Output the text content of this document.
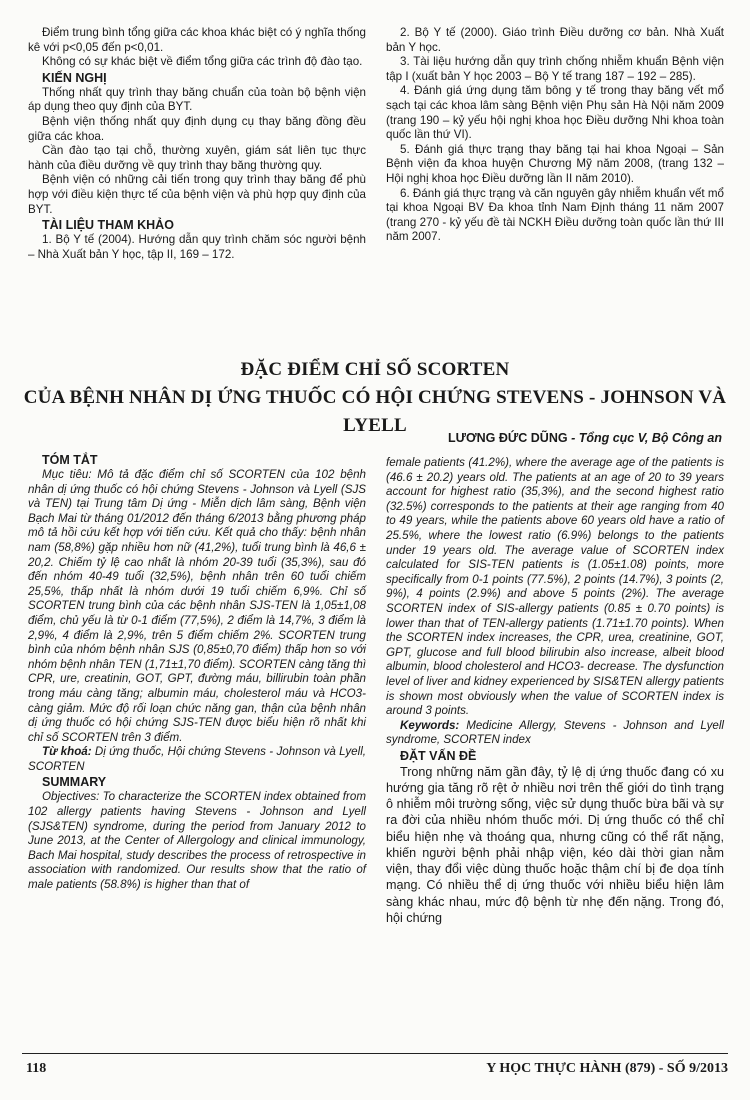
Điểm trung bình tổng giữa các khoa khác biệt có ý nghĩa thống kê với p<0,05 đến p<0,01.

Không có sự khác biệt về điểm tổng giữa các trình độ đào tạo.

KIẾN NGHỊ

Thống nhất quy trình thay băng chuẩn của toàn bộ bệnh viện áp dụng theo quy định của BYT.

Bệnh viện thống nhất quy định dụng cụ thay băng đồng đều giữa các khoa.

Cần đào tạo tại chỗ, thường xuyên, giám sát liên tục thực hành của điều dưỡng về quy trình thay băng thường quy.

Bệnh viện có những cải tiến trong quy trình thay băng để phù hợp với điều kiện thực tế của bệnh viện và phù hợp quy định của BYT.

TÀI LIỆU THAM KHẢO

1. Bộ Y tế (2004). Hướng dẫn quy trình chăm sóc người bệnh – Nhà Xuất bản Y học, tập II, 169 – 172.

2. Bộ Y tế (2000). Giáo trình Điều dưỡng cơ bản. Nhà Xuất bản Y học.

3. Tài liệu hướng dẫn quy trình chống nhiễm khuẩn Bệnh viện tập I (xuất bản Y học 2003 – Bộ Y tế trang 187 – 192 – 285).

4. Đánh giá ứng dụng tăm bông y tế trong thay băng vết mổ sạch tại các khoa lâm sàng Bệnh viện Phụ sản Hà Nội năm 2009 (trang 190 – kỷ yếu hội nghị khoa học Điều dưỡng Nhi khoa toàn quốc lần thứ VI).

5. Đánh giá thực trạng thay băng tại hai khoa Ngoại – Sản Bệnh viện đa khoa huyện Chương Mỹ năm 2008, (trang 132 – Hội nghị khoa học Điều dưỡng lần II năm 2010).

6. Đánh giá thực trạng và căn nguyên gây nhiễm khuẩn vết mổ tại khoa Ngoại BV Đa khoa tỉnh Nam Định tháng 11 năm 2007 (trang 270 - kỷ yếu đề tài NCKH Điều dưỡng toàn quốc lần thứ III năm 2007.

ĐẶC ĐIỂM CHỈ SỐ SCORTEN
CỦA BỆNH NHÂN DỊ ỨNG THUỐC CÓ HỘI CHỨNG STEVENS - JOHNSON VÀ LYELL
LƯƠNG ĐỨC DŨNG - Tổng cục V, Bộ Công an

TÓM TẮT

Mục tiêu: Mô tả đặc điểm chỉ số SCORTEN của 102 bệnh nhân dị ứng thuốc có hội chứng Stevens - Johnson và Lyell (SJS và TEN) tại Trung tâm Dị ứng - Miễn dịch lâm sàng, Bệnh viện Bạch Mai từ tháng 01/2012 đến tháng 6/2013 bằng phương pháp mô tả hồi cứu kết hợp với tiến cứu. Kết quả cho thấy: bệnh nhân nam (58,8%) gặp nhiều hơn nữ (41,2%), tuổi trung bình là 46,6 ± 20,2. Chiếm tỷ lệ cao nhất là nhóm 20-39 tuổi (35,3%), sau đó đến nhóm 40-49 tuổi (32,5%), bệnh nhân trên 60 tuổi chiếm 25,5%, thấp nhất là nhóm dưới 19 tuổi chiếm 6,9%. Chỉ số SCORTEN trung bình của các bệnh nhân SJS-TEN là 1,05±1,08 điểm, chủ yếu là từ 0-1 điểm (77,5%), 2 điểm là 14,7%, 3 điểm là 2,9%, 4 điểm là 2,9%, trên 5 điểm chiếm 2%. SCORTEN trung bình của nhóm bệnh nhân SJS (0,85±0,70 điểm) thấp hơn so với nhóm bệnh nhân TEN (1,71±1,70 điểm). SCORTEN càng tăng thì CPR, ure, creatinin, GOT, GPT, đường máu, billirubin toàn phần trong máu càng tăng; albumin máu, cholesterol máu và HCO3- càng giảm. Mức độ rối loạn chức năng gan, thận của bệnh nhân dị ứng thuốc có hội chứng SJS-TEN được biểu hiện rõ nhất khi chỉ số SCORTEN trên 3 điểm.

Từ khoá: Dị ứng thuốc, Hội chứng Stevens - Johnson và Lyell, SCORTEN

SUMMARY

Objectives: To characterize the SCORTEN index obtained from 102 allergy patients having Stevens - Johnson and Lyell (SJS&TEN) syndrome, during the period from January 2012 to June 2013, at the Center of Allergology and clinical immunology, Bach Mai hospital, study describes the process of retrospective in association with randomized. Our results show that the ratio of male patients (58.8%) is higher than that of

female patients (41.2%), where the average age of the patients is (46.6 ± 20.2) years old. The patients at an age of 20 to 39 years account for highest ratio (35,3%), and the second highest ratio (32.5%) corresponds to the patients at their age ranging from 40 to 49 years, while the patients above 60 years old have a ratio of 25.5%, where the lowest ratio (6.9%) belongs to the patients under 19 years old. The average value of SCORTEN index calculated for SIS-TEN patients is (1.05±1.08) points, more specifically from 0-1 points (77.5%), 2 points (14.7%), 3 points (2, 9%), 4 points (2.9%) and above 5 points (2%). The average SCORTEN index of SIS-allergy patients (0.85 ± 0.70 points) is lower than that of TEN-allergy patients (1.71±1.70 points). When the SCORTEN index increases, the CPR, urea, creatinine, GOT, GPT, glucose and full blood bilirubin also increase, albeit blood albumin, blood cholesterol and HCO3- decrease. The dysfunction level of liver and kidney experienced by SIS&TEN allergy patients is shown most obviously when the value of SCORTEN index is around 3 points.

Keywords: Medicine Allergy, Stevens - Johnson and Lyell syndrome, SCORTEN index

ĐẶT VẤN ĐỀ

Trong những năm gần đây, tỷ lệ dị ứng thuốc đang có xu hướng gia tăng rõ rệt ở nhiều nơi trên thế giới do tình trạng ô nhiễm môi trường sống, việc sử dụng thuốc bừa bãi và sự ra đời của nhiều nhóm thuốc mới. Dị ứng thuốc có thể chỉ biểu hiện nhẹ và thoáng qua, nhưng cũng có thể rất nặng, khiến người bệnh phải nhập viện, kéo dài thời gian nằm viện, thay đổi việc dùng thuốc hoặc thậm chí bị đe dọa tính mạng. Có nhiều thể dị ứng thuốc với nhiều biểu hiện lâm sàng khác nhau, mức độ bệnh từ nhẹ đến nặng. Trong đó, hội chứng

118	Y HỌC THỰC HÀNH (879) - SỐ 9/2013
